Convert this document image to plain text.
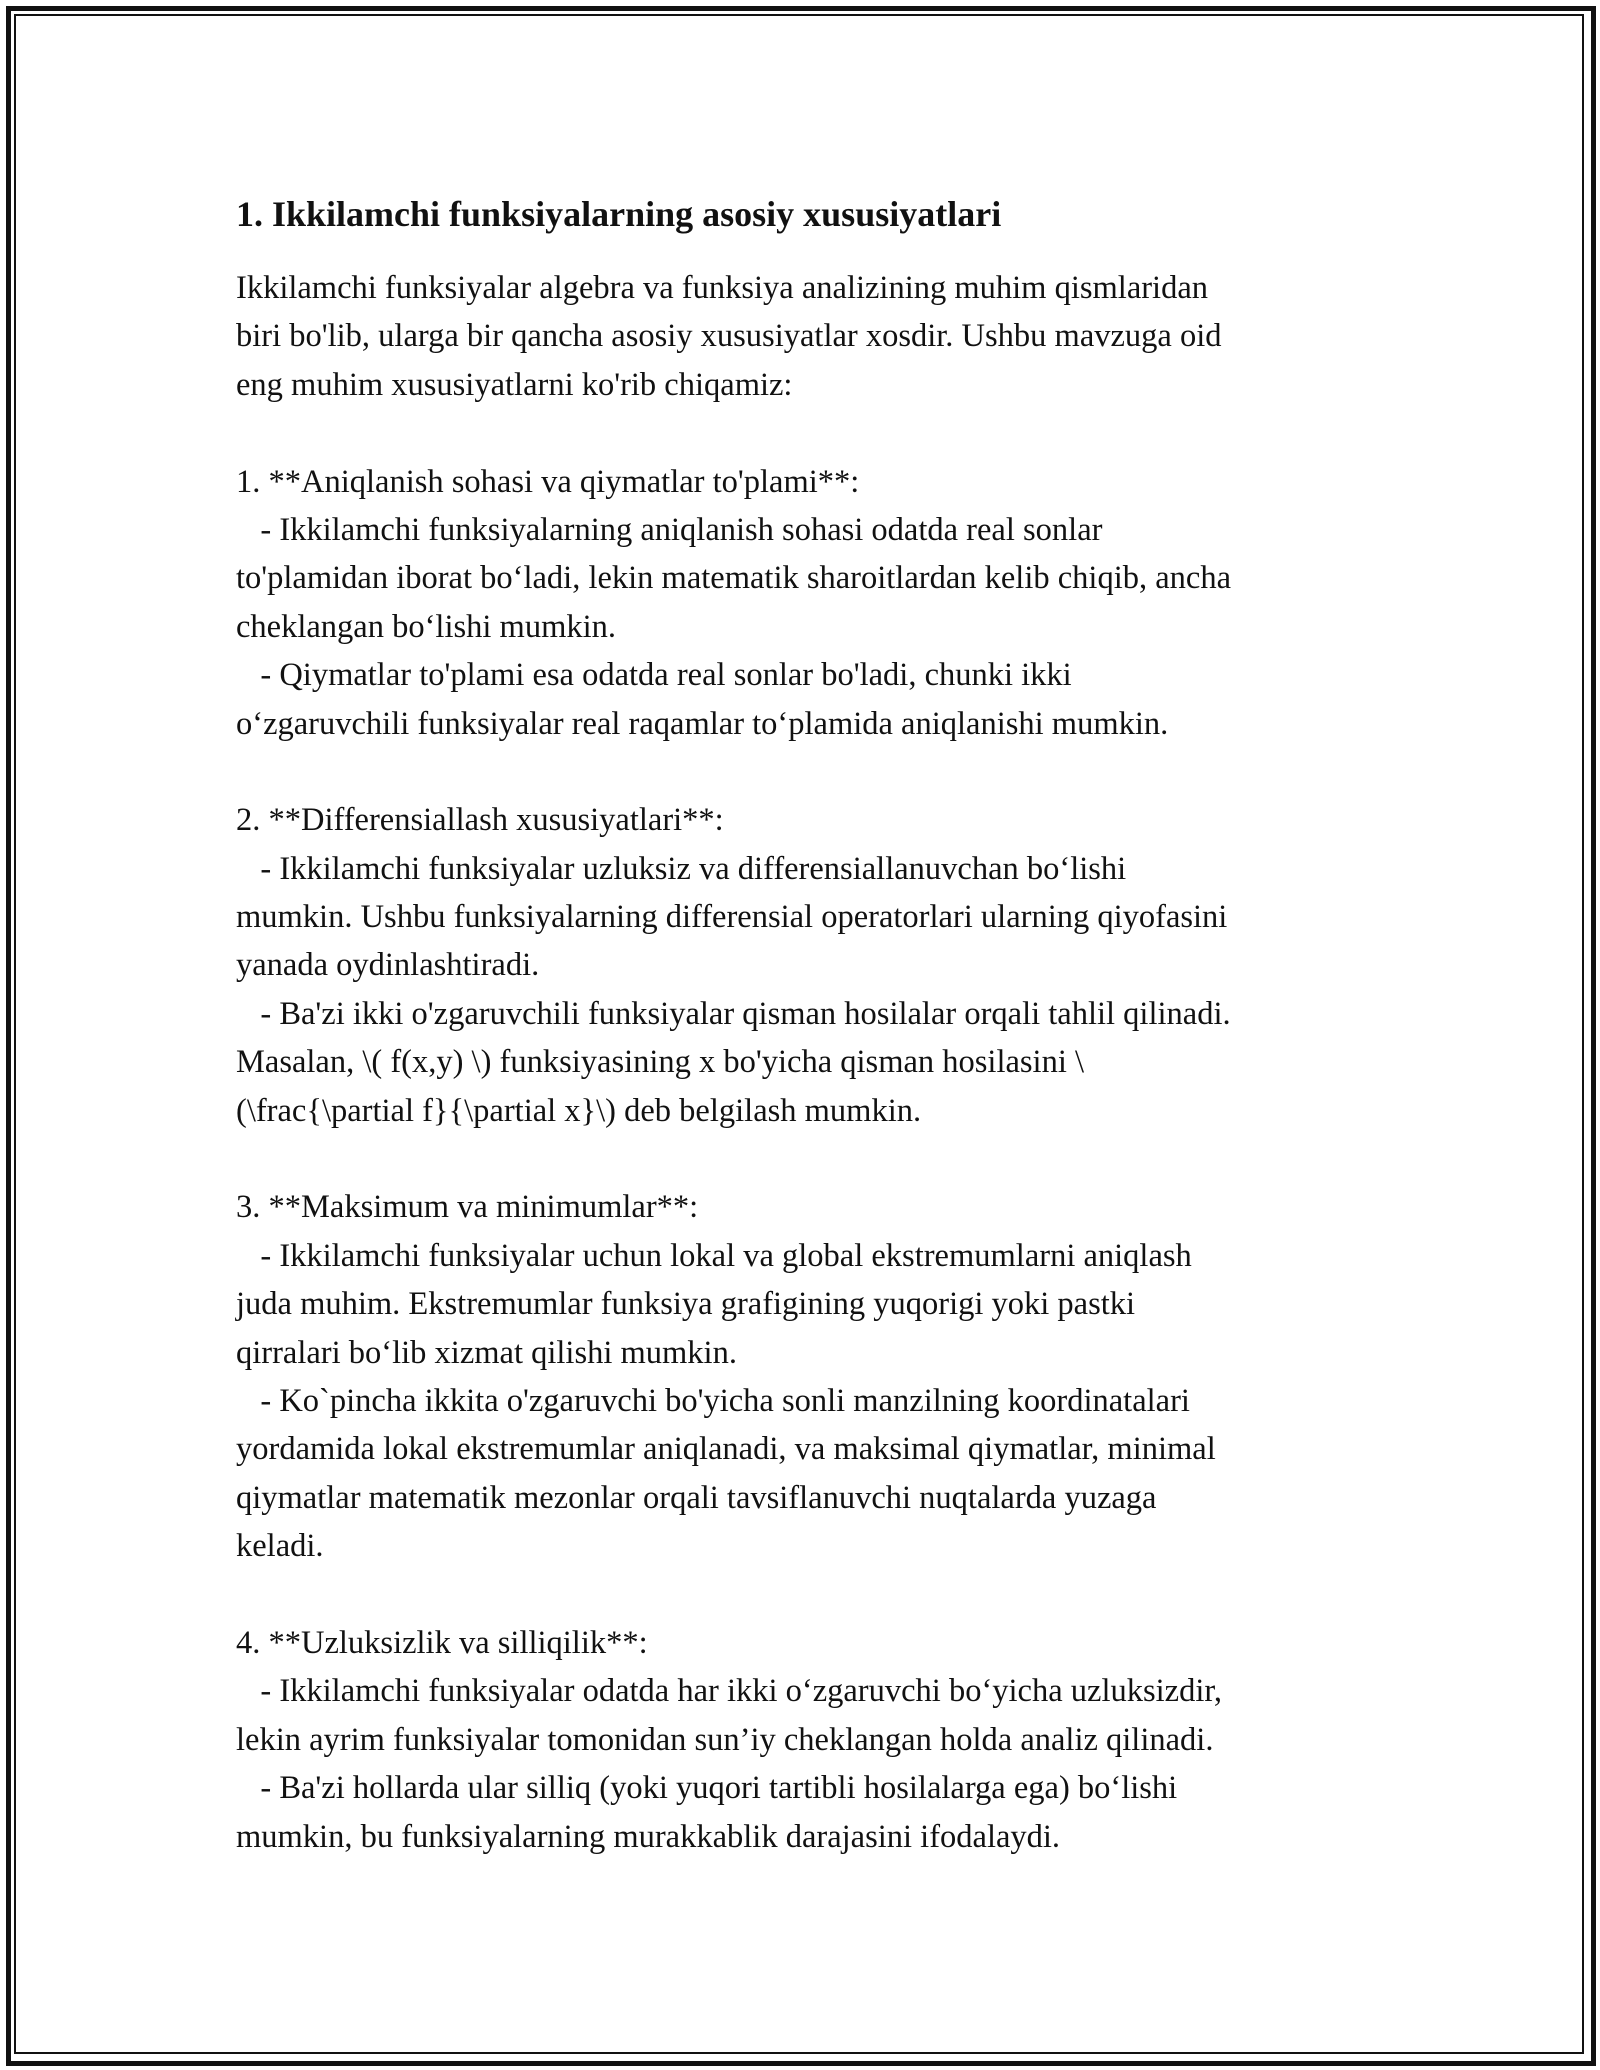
1. Ikkilamchi funksiyalarning asosiy xususiyatlari
Ikkilamchi funksiyalar algebra va funksiya analizining muhim qismlaridan
biri bo'lib, ularga bir qancha asosiy xususiyatlar xosdir. Ushbu mavzuga oid
eng muhim xususiyatlarni ko'rib chiqamiz:
1. **Aniqlanish sohasi va qiymatlar to'plami**:
- Ikkilamchi funksiyalarning aniqlanish sohasi odatda real sonlar
to'plamidan iborat bo‘ladi, lekin matematik sharoitlardan kelib chiqib, ancha
cheklangan bo‘lishi mumkin.
- Qiymatlar to'plami esa odatda real sonlar bo'ladi, chunki ikki
o‘zgaruvchili funksiyalar real raqamlar to‘plamida aniqlanishi mumkin.
2. **Differensiallash xususiyatlari**:
- Ikkilamchi funksiyalar uzluksiz va differensiallanuvchan bo‘lishi
mumkin. Ushbu funksiyalarning differensial operatorlari ularning qiyofasini
yanada oydinlashtiradi.
- Ba'zi ikki o'zgaruvchili funksiyalar qisman hosilalar orqali tahlil qilinadi.
Masalan, \( f(x,y) \) funksiyasining x bo'yicha qisman hosilasini \
(\frac{\partial f}{\partial x}\) deb belgilash mumkin.
3. **Maksimum va minimumlar**:
- Ikkilamchi funksiyalar uchun lokal va global ekstremumlarni aniqlash
juda muhim. Ekstremumlar funksiya grafigining yuqorigi yoki pastki
qirralari bo‘lib xizmat qilishi mumkin.
- Ko`pincha ikkita o'zgaruvchi bo'yicha sonli manzilning koordinatalari
yordamida lokal ekstremumlar aniqlanadi, va maksimal qiymatlar, minimal
qiymatlar matematik mezonlar orqali tavsiflanuvchi nuqtalarda yuzaga
keladi.
4. **Uzluksizlik va silliqilik**:
- Ikkilamchi funksiyalar odatda har ikki o‘zgaruvchi bo‘yicha uzluksizdir,
lekin ayrim funksiyalar tomonidan sun’iy cheklangan holda analiz qilinadi.
- Ba'zi hollarda ular silliq (yoki yuqori tartibli hosilalarga ega) bo‘lishi
mumkin, bu funksiyalarning murakkablik darajasini ifodalaydi.
